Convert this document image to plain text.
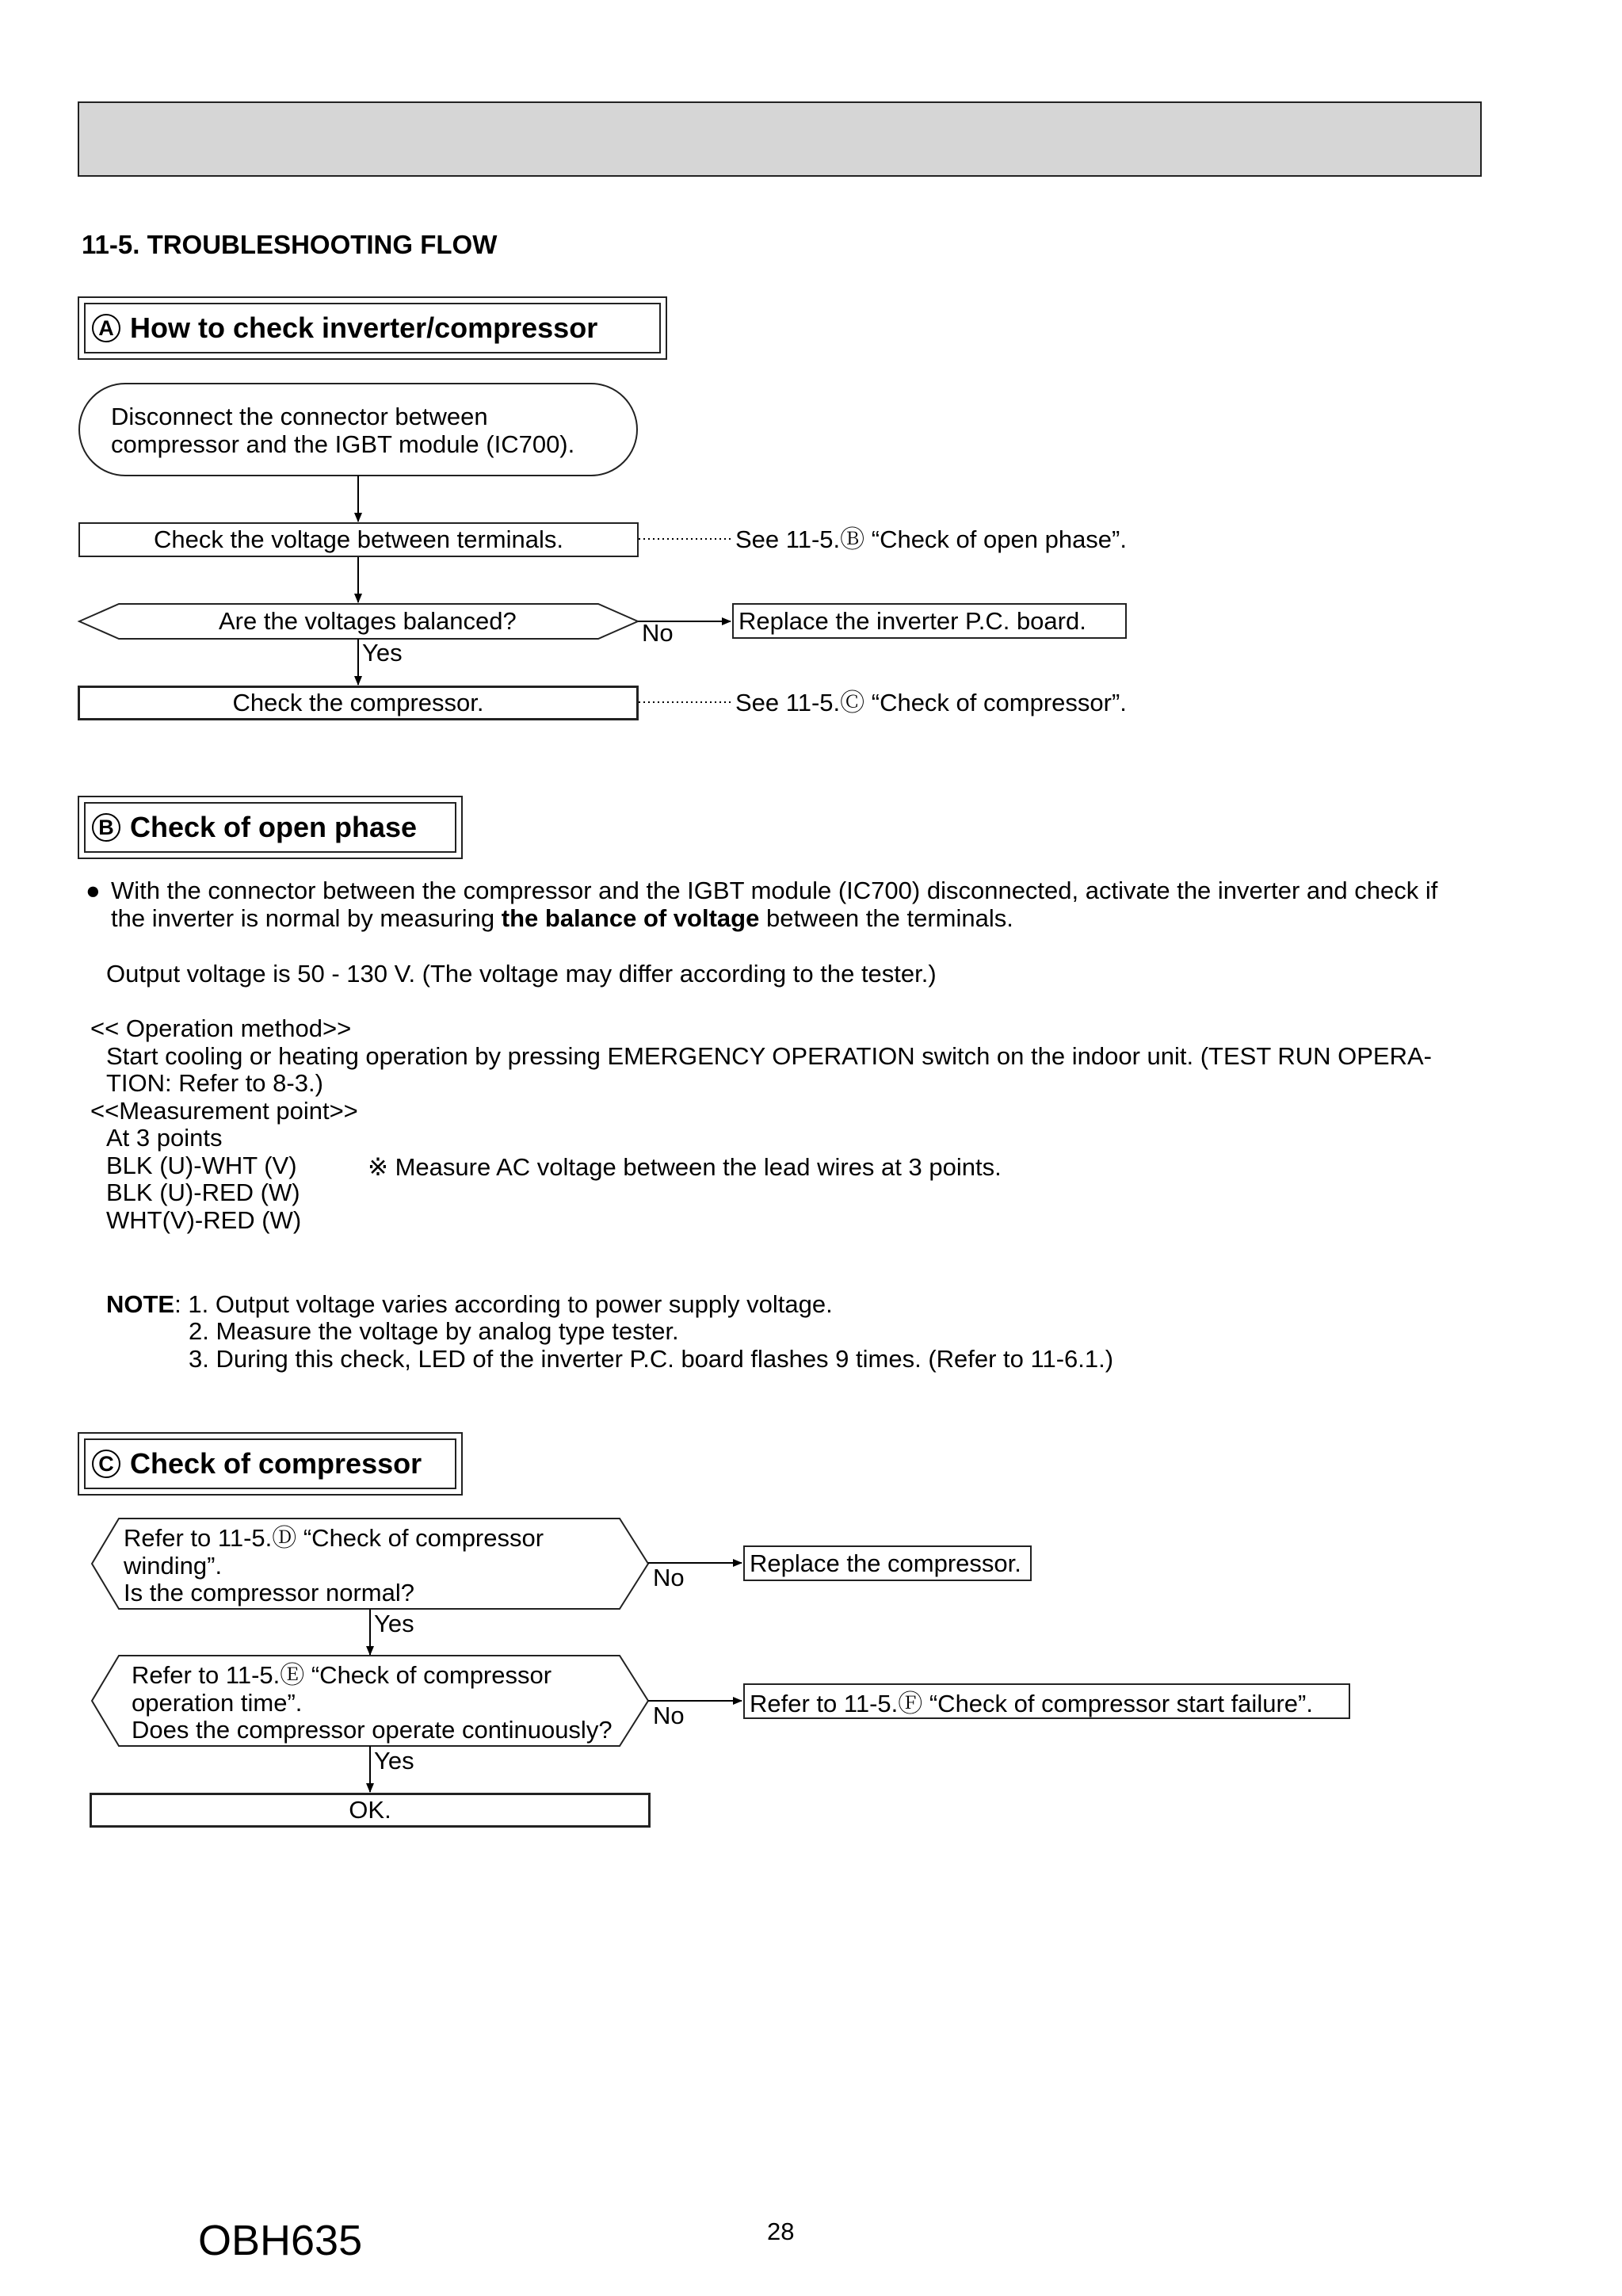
11-5. TROUBLESHOOTING FLOW
A How to check inverter/compressor
Disconnect the connector between
compressor and the IGBT module (IC700).
Check the voltage between terminals.	See 11-5.Ⓑ “Check of open phase”.
Are the voltages balanced?	No
Yes
Replace the inverter P.C. board.
Check the compressor.	See 11-5.Ⓒ “Check of compressor”.
B Check of open phase
● With the connector between the compressor and the IGBT module (IC700) disconnected, activate the inverter and check if
the inverter is normal by measuring the balance of voltage between the terminals.
Output voltage is 50 - 130 V. (The voltage may differ according to the tester.)
<< Operation method>>
Start cooling or heating operation by pressing EMERGENCY OPERATION switch on the indoor unit. (TEST RUN OPERA-
TION: Refer to 8-3.)
<<Measurement point>>
At 3 points
BLK (U)-WHT (V)
BLK (U)-RED (W)
WHT(V)-RED (W)
※ Measure AC voltage between the lead wires at 3 points.
NOTE: 1. Output voltage varies according to power supply voltage.
2. Measure the voltage by analog type tester.
3. During this check, LED of the inverter P.C. board flashes 9 times. (Refer to 11-6.1.)
C Check of compressor
Refer to 11-5.Ⓓ “Check of compressor
winding”.
Is the compressor normal?
No
Yes
Replace the compressor.
Refer to 11-5.Ⓔ “Check of compressor
operation time”.
Does the compressor operate continuously?
No
Yes
Refer to 11-5.Ⓕ “Check of compressor start failure”.
OK.
OBH635	28
